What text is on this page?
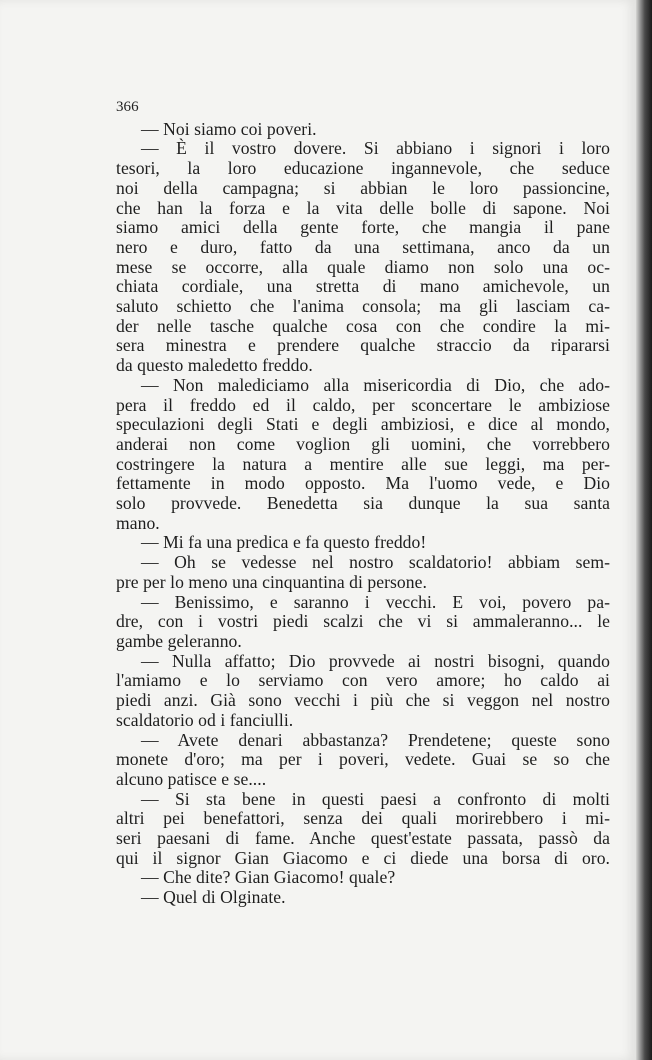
366
— Noi siamo coi poveri.
— È il vostro dovere. Si abbiano i signori i loro
tesori, la loro educazione ingannevole, che seduce
noi della campagna; si abbian le loro passioncine,
che han la forza e la vita delle bolle di sapone. Noi
siamo amici della gente forte, che mangia il pane
nero e duro, fatto da una settimana, anco da un
mese se occorre, alla quale diamo non solo una oc-
chiata cordiale, una stretta di mano amichevole, un
saluto schietto che l'anima consola; ma gli lasciam ca-
der nelle tasche qualche cosa con che condire la mi-
sera minestra e prendere qualche straccio da ripararsi
da questo maledetto freddo.
— Non malediciamo alla misericordia di Dio, che ado-
pera il freddo ed il caldo, per sconcertare le ambiziose
speculazioni degli Stati e degli ambiziosi, e dice al mondo,
anderai non come voglion gli uomini, che vorrebbero
costringere la natura a mentire alle sue leggi, ma per-
fettamente in modo opposto. Ma l'uomo vede, e Dio
solo provvede. Benedetta sia dunque la sua santa
mano.
— Mi fa una predica e fa questo freddo!
— Oh se vedesse nel nostro scaldatorio! abbiam sem-
pre per lo meno una cinquantina di persone.
— Benissimo, e saranno i vecchi. E voi, povero pa-
dre, con i vostri piedi scalzi che vi si ammaleranno... le
gambe geleranno.
— Nulla affatto; Dio provvede ai nostri bisogni, quando
l'amiamo e lo serviamo con vero amore; ho caldo ai
piedi anzi. Già sono vecchi i più che si veggon nel nostro
scaldatorio od i fanciulli.
— Avete denari abbastanza? Prendetene; queste sono
monete d'oro; ma per i poveri, vedete. Guai se so che
alcuno patisce e se....
— Si sta bene in questi paesi a confronto di molti
altri pei benefattori, senza dei quali morirebbero i mi-
seri paesani di fame. Anche quest'estate passata, passò da
qui il signor Gian Giacomo e ci diede una borsa di oro.
— Che dite? Gian Giacomo! quale?
— Quel di Olginate.
